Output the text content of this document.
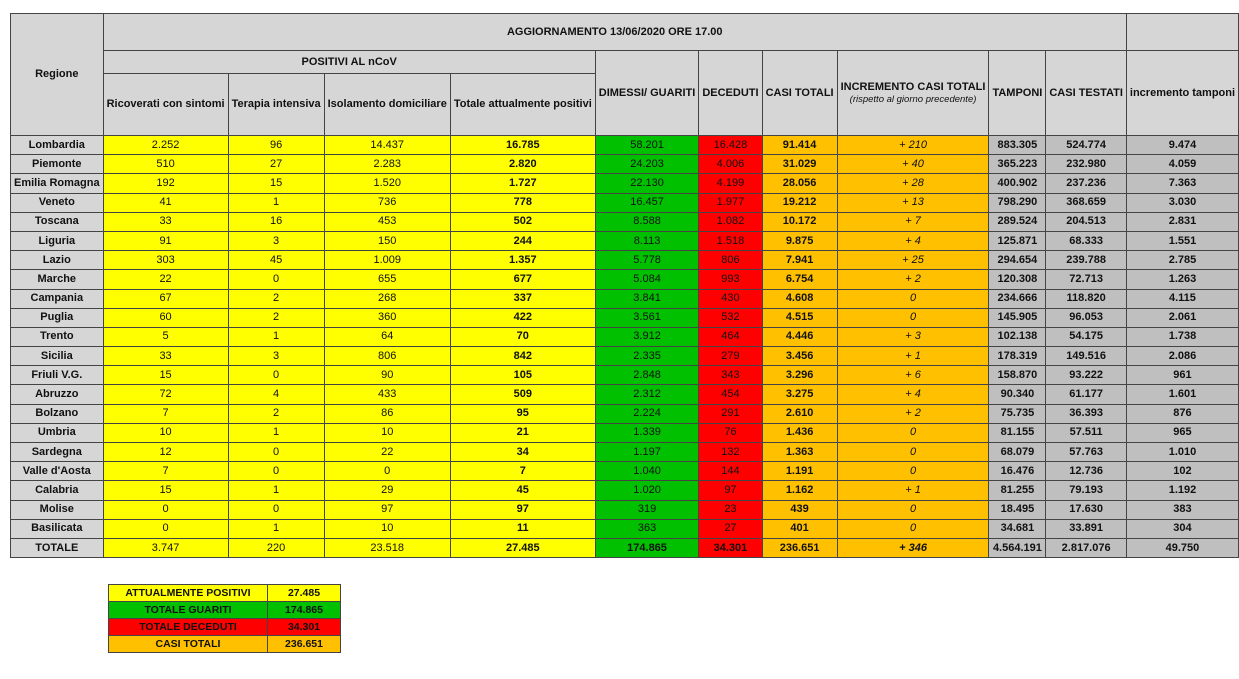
Regione	AGGIORNAMENTO 13/06/2020 ORE 17.00										
	POSITIVI AL nCoV				DIMESSI/ GUARITI	DECEDUTI	CASI TOTALI	INCREMENTO CASI TOTALI
(rispetto al giorno precedente)	TAMPONI	CASI TESTATI	incremento tamponi
	Ricoverati con sintomi	Terapia intensiva	Isolamento domiciliare	Totale attualmente positivi							
Lombardia	2.252	96	14.437	16.785	58.201	16.428	91.414	+ 210	883.305	524.774	9.474
Piemonte	510	27	2.283	2.820	24.203	4.006	31.029	+ 40	365.223	232.980	4.059
Emilia Romagna	192	15	1.520	1.727	22.130	4.199	28.056	+ 28	400.902	237.236	7.363
Veneto	41	1	736	778	16.457	1.977	19.212	+ 13	798.290	368.659	3.030
Toscana	33	16	453	502	8.588	1.082	10.172	+ 7	289.524	204.513	2.831
Liguria	91	3	150	244	8.113	1.518	9.875	+ 4	125.871	68.333	1.551
Lazio	303	45	1.009	1.357	5.778	806	7.941	+ 25	294.654	239.788	2.785
Marche	22	0	655	677	5.084	993	6.754	+ 2	120.308	72.713	1.263
Campania	67	2	268	337	3.841	430	4.608	0	234.666	118.820	4.115
Puglia	60	2	360	422	3.561	532	4.515	0	145.905	96.053	2.061
Trento	5	1	64	70	3.912	464	4.446	+ 3	102.138	54.175	1.738
Sicilia	33	3	806	842	2.335	279	3.456	+ 1	178.319	149.516	2.086
Friuli V.G.	15	0	90	105	2.848	343	3.296	+ 6	158.870	93.222	961
Abruzzo	72	4	433	509	2.312	454	3.275	+ 4	90.340	61.177	1.601
Bolzano	7	2	86	95	2.224	291	2.610	+ 2	75.735	36.393	876
Umbria	10	1	10	21	1.339	76	1.436	0	81.155	57.511	965
Sardegna	12	0	22	34	1.197	132	1.363	0	68.079	57.763	1.010
Valle d'Aosta	7	0	0	7	1.040	144	1.191	0	16.476	12.736	102
Calabria	15	1	29	45	1.020	97	1.162	+ 1	81.255	79.193	1.192
Molise	0	0	97	97	319	23	439	0	18.495	17.630	383
Basilicata	0	1	10	11	363	27	401	0	34.681	33.891	304
TOTALE	3.747	220	23.518	27.485	174.865	34.301	236.651	+ 346	4.564.191	2.817.076	49.750
ATTUALMENTE POSITIVI	27.485
TOTALE GUARITI	174.865
TOTALE DECEDUTI	34.301
CASI TOTALI	236.651
